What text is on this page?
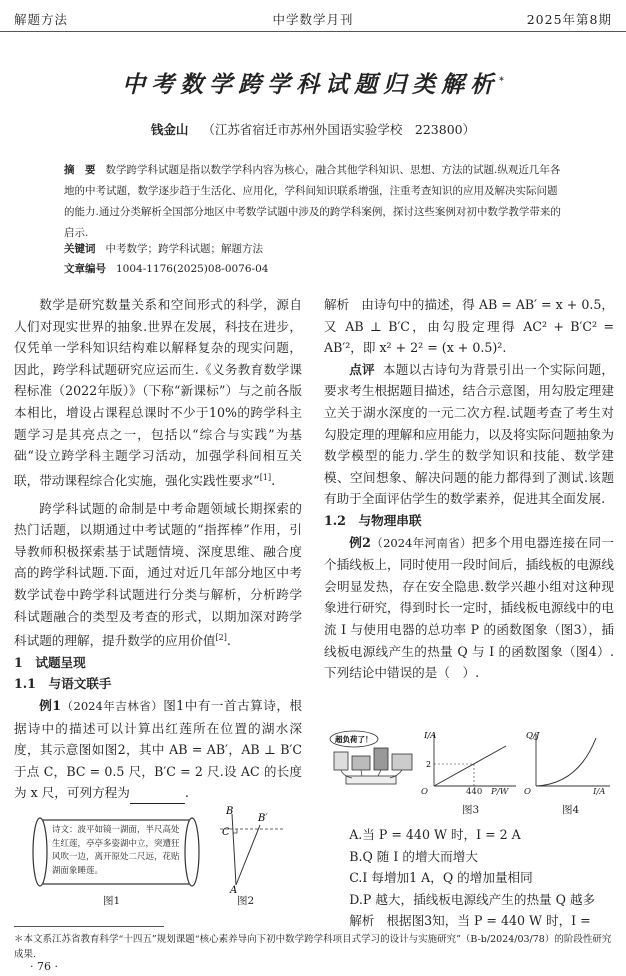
解题方法	中学数学月刊	2025年第8期
中考数学跨学科试题归类解析*
钱金山 （江苏省宿迁市苏州外国语实验学校　223800）
摘　要 数学跨学科试题是指以数学学科内容为核心，融合其他学科知识、思想、方法的试题.纵观近几年各地的中考试题，数学逐步趋于生活化、应用化，学科间知识联系增强，注重考查知识的应用及解决实际问题的能力.通过分类解析全国部分地区中考数学试题中涉及的跨学科案例，探讨这些案例对初中数学教学带来的启示.
关键词 中考数学；跨学科试题；解题方法
文章编号 1004-1176(2025)08-0076-04

数学是研究数量关系和空间形式的科学，源自人们对现实世界的抽象.世界在发展，科技在进步，仅凭单一学科知识结构难以解释复杂的现实问题，因此，跨学科试题研究应运而生.《义务教育数学课程标准（2022年版）》（下称“新课标”）与之前各版本相比，增设占课程总课时不少于10%的跨学科主题学习是其亮点之一，包括以“综合与实践”为基础“设立跨学科主题学习活动，加强学科间相互关联，带动课程综合化实施，强化实践性要求”[1].

跨学科试题的命制是中考命题领域长期探索的热门话题，以期通过中考试题的“指挥棒”作用，引导教师积极探索基于试题情境、深度思维、融合度高的跨学科试题.下面，通过对近几年部分地区中考数学试卷中跨学科试题进行分类与解析，分析跨学科试题融合的类型及考查的形式，以期加深对跨学科试题的理解，提升数学的应用价值[2].

1　试题呈现

1.1　与语文联手

例1（2024年吉林省）图1中有一首古算诗，根据诗中的描述可以计算出红莲所在位置的湖水深度，其示意图如图2，其中 AB = AB′，AB ⊥ B′C 于点 C，BC = 0.5 尺，B′C = 2 尺.设 AC 的长度为 x 尺，可列方程为	.

诗文：波平如镜一湖面，半尺高处生红莲，亭亭多姿湖中立，突遭狂风吹一边，离开原处二尺远，花贴湖面象睡莲。
B
B′
C
A
图1	图2

解析 由诗句中的描述，得 AB = AB′ = x + 0.5，又 AB ⊥ B′C，由勾股定理得 AC² + B′C² = AB′²，即 x² + 2² = (x + 0.5)².

点评 本题以古诗句为背景引出一个实际问题，要求考生根据题目描述，结合示意图，用勾股定理建立关于湖水深度的一元二次方程.试题考查了考生对勾股定理的理解和应用能力，以及将实际问题抽象为数学模型的能力.学生的数学知识和技能、数学建模、空间想象、解决问题的能力都得到了测试.该题有助于全面评估学生的数学素养，促进其全面发展.

1.2　与物理串联

例2（2024年河南省）把多个用电器连接在同一个插线板上，同时使用一段时间后，插线板的电源线会明显发热，存在安全隐患.数学兴趣小组对这种现象进行研究，得到时长一定时，插线板电源线中的电流 I 与使用电器的总功率 P 的函数图象（图3），插线板电源线产生的热量 Q 与 I 的函数图象（图4）.下列结论中错误的是（　）.

超负荷了！	I/A
2
O	440 P/W
Q/J
O	I/A
图3	图4
A.当 P = 440 W 时，I = 2 A
B.Q 随 I 的增大而增大
C.I 每增加1 A，Q 的增加量相同
D.P 越大，插线板电源线产生的热量 Q 越多
解析 根据图3知，当 P = 440 W 时，I =
＊本文系江苏省教育科学“十四五”规划课题“核心素养导向下初中数学跨学科项目式学习的设计与实施研究”（B-b/2024/03/78）的阶段性研究成果.
· 76 ·
